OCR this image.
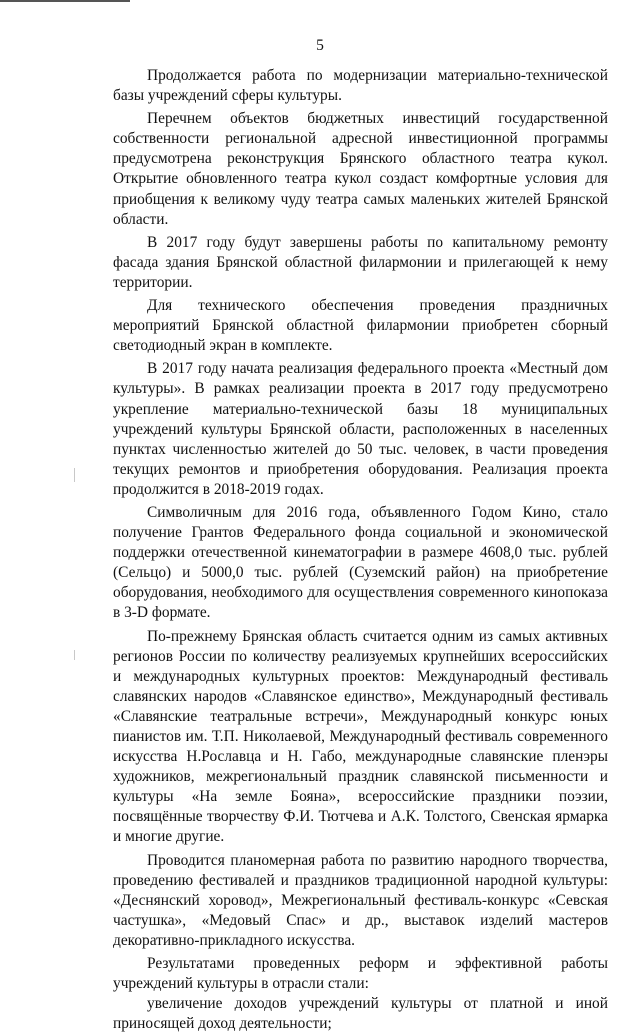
5

Продолжается работа по модернизации материально-технической базы учреждений сферы культуры.

Перечнем объектов бюджетных инвестиций государственной собственности региональной адресной инвестиционной программы предусмотрена реконструкция Брянского областного театра кукол. Открытие обновленного театра кукол создаст комфортные условия для приобщения к великому чуду театра самых маленьких жителей Брянской области.

В 2017 году будут завершены работы по капитальному ремонту фасада здания Брянской областной филармонии и прилегающей к нему территории.

Для технического обеспечения проведения праздничных мероприятий Брянской областной филармонии приобретен сборный светодиодный экран в комплекте.

В 2017 году начата реализация федерального проекта «Местный дом культуры». В рамках реализации проекта в 2017 году предусмотрено укрепление материально-технической базы 18 муниципальных учреждений культуры Брянской области, расположенных в населенных пунктах численностью жителей до 50 тыс. человек, в части проведения текущих ремонтов и приобретения оборудования. Реализация проекта продолжится в 2018-2019 годах.

Символичным для 2016 года, объявленного Годом Кино, стало получение Грантов Федерального фонда социальной и экономической поддержки отечественной кинематографии в размере 4608,0 тыс. рублей (Сельцо) и 5000,0 тыс. рублей (Суземский район) на приобретение оборудования, необходимого для осуществления современного кинопоказа в 3-D формате.

По-прежнему Брянская область считается одним из самых активных регионов России по количеству реализуемых крупнейших всероссийских и международных культурных проектов: Международный фестиваль славянских народов «Славянское единство», Международный фестиваль «Славянские театральные встречи», Международный конкурс юных пианистов им. Т.П. Николаевой, Международный фестиваль современного искусства Н.Рославца и Н. Габо, международные славянские пленэры художников, межрегиональный праздник славянской письменности и культуры «На земле Бояна», всероссийские праздники поэзии, посвящённые творчеству Ф.И. Тютчева и А.К. Толстого, Свенская ярмарка и многие другие.

Проводится планомерная работа по развитию народного творчества, проведению фестивалей и праздников традиционной народной культуры: «Деснянский хоровод», Межрегиональный фестиваль-конкурс «Севская частушка», «Медовый Спас» и др., выставок изделий мастеров декоративно-прикладного искусства.

Результатами проведенных реформ и эффективной работы учреждений культуры в отрасли стали:

увеличение доходов учреждений культуры от платной и иной приносящей доход деятельности;
